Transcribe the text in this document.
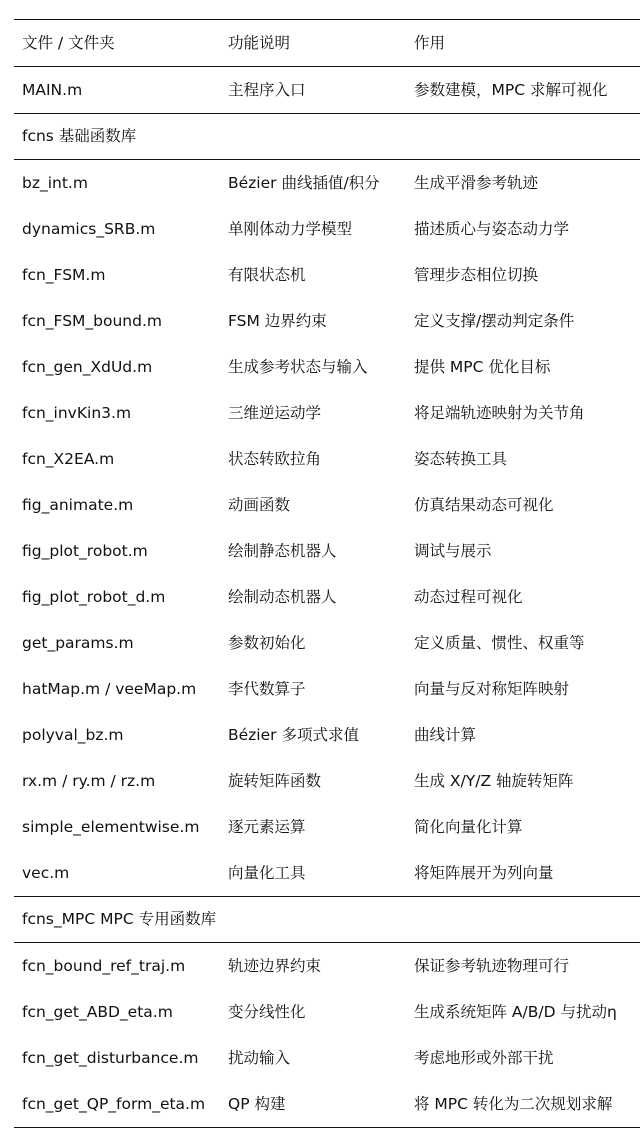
文件 / 文件夹	功能说明	作用
MAIN.m	主程序入口	参数建模，MPC 求解可视化
fcns 基础函数库		
bz_int.m	Bézier 曲线插值/积分	生成平滑参考轨迹
dynamics_SRB.m	单刚体动力学模型	描述质心与姿态动力学
fcn_FSM.m	有限状态机	管理步态相位切换
fcn_FSM_bound.m	FSM 边界约束	定义支撑/摆动判定条件
fcn_gen_XdUd.m	生成参考状态与输入	提供 MPC 优化目标
fcn_invKin3.m	三维逆运动学	将足端轨迹映射为关节角
fcn_X2EA.m	状态转欧拉角	姿态转换工具
fig_animate.m	动画函数	仿真结果动态可视化
fig_plot_robot.m	绘制静态机器人	调试与展示
fig_plot_robot_d.m	绘制动态机器人	动态过程可视化
get_params.m	参数初始化	定义质量、惯性、权重等
hatMap.m / veeMap.m	李代数算子	向量与反对称矩阵映射
polyval_bz.m	Bézier 多项式求值	曲线计算
rx.m / ry.m / rz.m	旋转矩阵函数	生成 X/Y/Z 轴旋转矩阵
simple_elementwise.m	逐元素运算	简化向量化计算
vec.m	向量化工具	将矩阵展开为列向量
fcns_MPC MPC 专用函数库		
fcn_bound_ref_traj.m	轨迹边界约束	保证参考轨迹物理可行
fcn_get_ABD_eta.m	变分线性化	生成系统矩阵 A/B/D 与扰动η
fcn_get_disturbance.m	扰动输入	考虑地形或外部干扰
fcn_get_QP_form_eta.m	QP 构建	将 MPC 转化为二次规划求解
